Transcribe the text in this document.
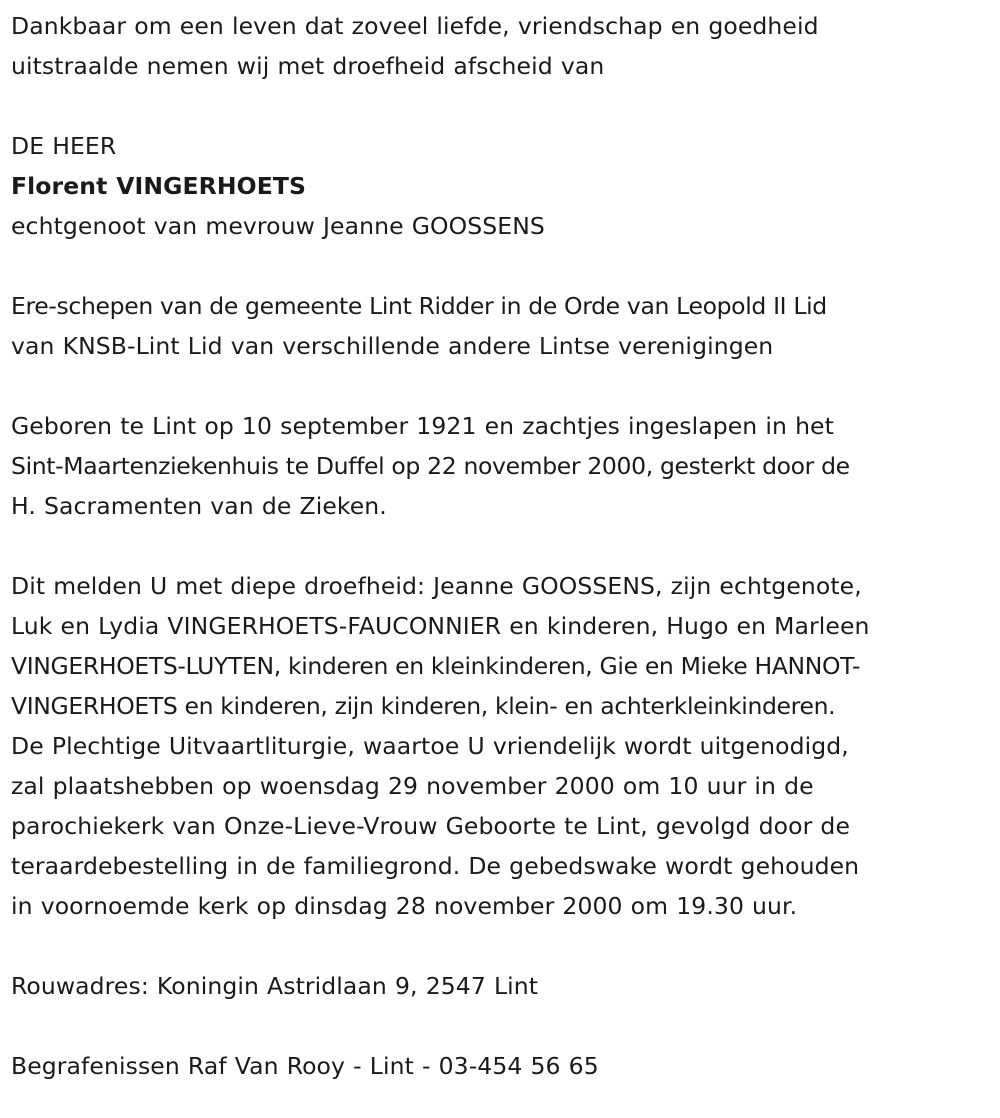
Dankbaar om een leven dat zoveel liefde, vriendschap en goedheid
uitstraalde nemen wij met droefheid afscheid van
DE HEER
Florent VINGERHOETS
echtgenoot van mevrouw Jeanne GOOSSENS
Ere-schepen van de gemeente Lint Ridder in de Orde van Leopold II Lid
van KNSB-Lint Lid van verschillende andere Lintse verenigingen
Geboren te Lint op 10 september 1921 en zachtjes ingeslapen in het
Sint-Maartenziekenhuis te Duffel op 22 november 2000, gesterkt door de
H. Sacramenten van de Zieken.
Dit melden U met diepe droefheid: Jeanne GOOSSENS, zijn echtgenote,
Luk en Lydia VINGERHOETS-FAUCONNIER en kinderen, Hugo en Marleen
VINGERHOETS-LUYTEN, kinderen en kleinkinderen, Gie en Mieke HANNOT-
VINGERHOETS en kinderen, zijn kinderen, klein- en achterkleinkinderen.
De Plechtige Uitvaartliturgie, waartoe U vriendelijk wordt uitgenodigd,
zal plaatshebben op woensdag 29 november 2000 om 10 uur in de
parochiekerk van Onze-Lieve-Vrouw Geboorte te Lint, gevolgd door de
teraardebestelling in de familiegrond. De gebedswake wordt gehouden
in voornoemde kerk op dinsdag 28 november 2000 om 19.30 uur.
Rouwadres: Koningin Astridlaan 9, 2547 Lint
Begrafenissen Raf Van Rooy - Lint - 03-454 56 65
